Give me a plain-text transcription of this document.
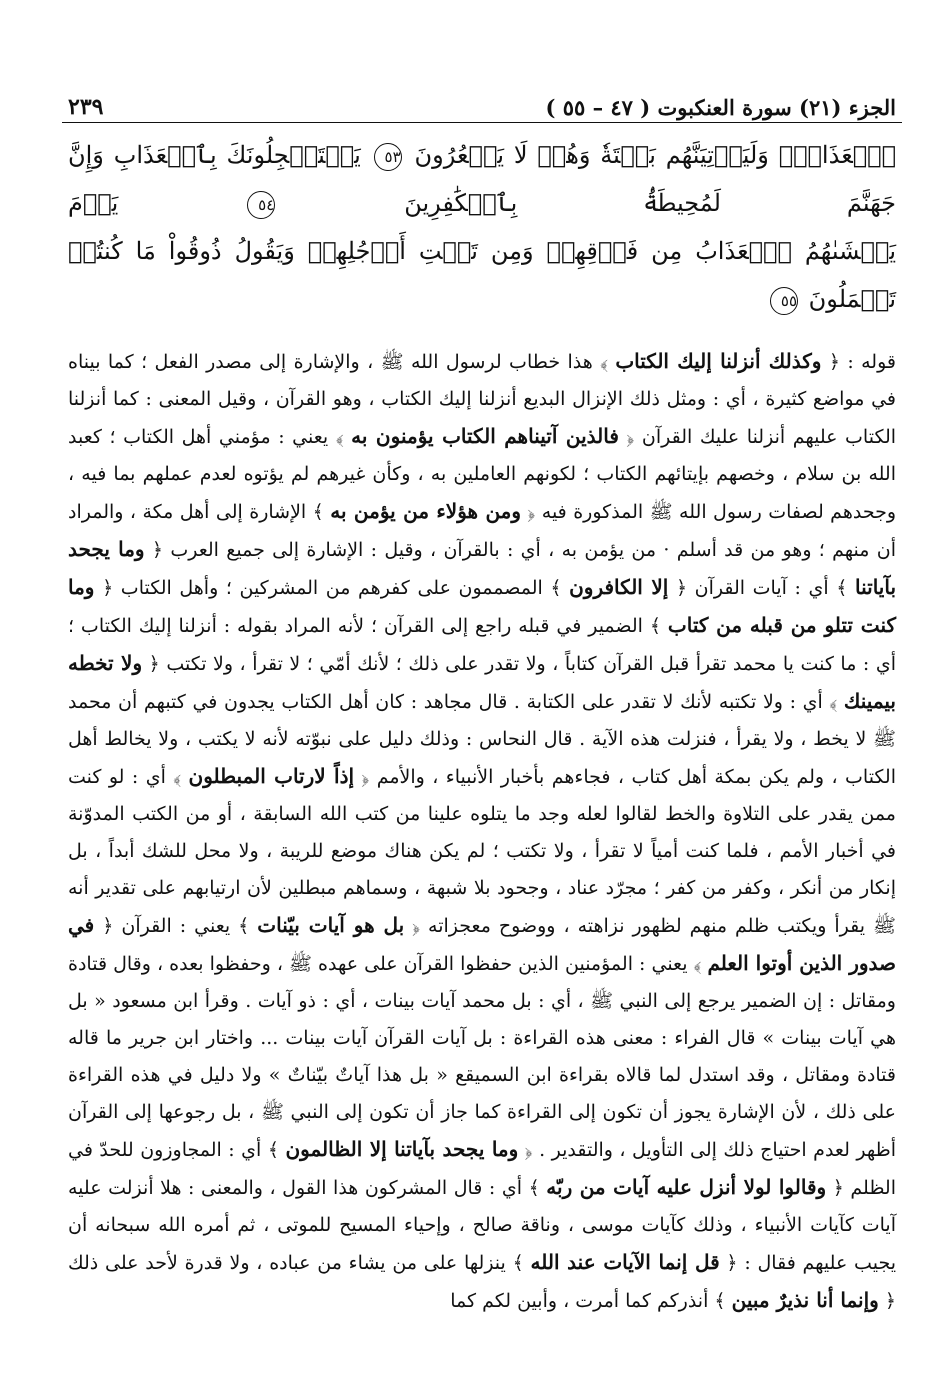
الجزء (٢١) سورة العنكبوت ( ٤٧ – ٥٥ )
٢٣٩

ٱلۡعَذَابُۚ وَلَيَأۡتِيَنَّهُم بَغۡتَةٗ وَهُمۡ لَا يَشۡعُرُونَ ٥٣ يَسۡتَعۡجِلُونَكَ بِٱلۡعَذَابِ وَإِنَّ جَهَنَّمَ لَمُحِيطَةُۢ بِٱلۡكَٰفِرِينَ ٥٤ يَوۡمَ

يَغۡشَىٰهُمُ ٱلۡعَذَابُ مِن فَوۡقِهِمۡ وَمِن تَحۡتِ أَرۡجُلِهِمۡ وَيَقُولُ ذُوقُواْ مَا كُنتُمۡ تَعۡمَلُونَ ٥٥

قوله : ﴿ وكذلك أنزلنا إليك الكتاب ﴾ هذا خطاب لرسول الله ﷺ ، والإشارة إلى مصدر الفعل ؛ كما بيناه في مواضع كثيرة ، أي : ومثل ذلك الإنزال البديع أنزلنا إليك الكتاب ، وهو القرآن ، وقيل المعنى : كما أنزلنا الكتاب عليهم أنزلنا عليك القرآن ﴿ فالذين آتيناهم الكتاب يؤمنون به ﴾ يعني : مؤمني أهل الكتاب ؛ كعبد الله بن سلام ، وخصهم بإيتائهم الكتاب ؛ لكونهم العاملين به ، وكأن غيرهم لم يؤتوه لعدم عملهم بما فيه ، وجحدهم لصفات رسول الله ﷺ المذكورة فيه ﴿ ومن هؤلاء من يؤمن به ﴾ الإشارة إلى أهل مكة ، والمراد أن منهم ؛ وهو من قد أسلم · من يؤمن به ، أي : بالقرآن ، وقيل : الإشارة إلى جميع العرب ﴿ وما يجحد بآياتنا ﴾ أي : آيات القرآن ﴿ إلا الكافرون ﴾ المصممون على كفرهم من المشركين ؛ وأهل الكتاب ﴿ وما كنت تتلو من قبله من كتاب ﴾ الضمير في قبله راجع إلى القرآن ؛ لأنه المراد بقوله : أنزلنا إليك الكتاب ؛ أي : ما كنت يا محمد تقرأ قبل القرآن كتاباً ، ولا تقدر على ذلك ؛ لأنك أمّي ؛ لا تقرأ ، ولا تكتب ﴿ ولا تخطه بيمينك ﴾ أي : ولا تكتبه لأنك لا تقدر على الكتابة . قال مجاهد : كان أهل الكتاب يجدون في كتبهم أن محمد ﷺ لا يخط ، ولا يقرأ ، فنزلت هذه الآية . قال النحاس : وذلك دليل على نبوّته لأنه لا يكتب ، ولا يخالط أهل الكتاب ، ولم يكن بمكة أهل كتاب ، فجاءهم بأخبار الأنبياء ، والأمم ﴿ إذاً لارتاب المبطلون ﴾ أي : لو كنت ممن يقدر على التلاوة والخط لقالوا لعله وجد ما يتلوه علينا من كتب الله السابقة ، أو من الكتب المدوّنة في أخبار الأمم ، فلما كنت أمياً لا تقرأ ، ولا تكتب ؛ لم يكن هناك موضع للريبة ، ولا محل للشك أبداً ، بل إنكار من أنكر ، وكفر من كفر ؛ مجرّد عناد ، وجحود بلا شبهة ، وسماهم مبطلين لأن ارتيابهم على تقدير أنه ﷺ يقرأ ويكتب ظلم منهم لظهور نزاهته ، ووضوح معجزاته ﴿ بل هو آيات بيّنات ﴾ يعني : القرآن ﴿ في صدور الذين أوتوا العلم ﴾ يعني : المؤمنين الذين حفظوا القرآن على عهده ﷺ ، وحفظوا بعده ، وقال قتادة ومقاتل : إن الضمير يرجع إلى النبي ﷺ ، أي : بل محمد آيات بينات ، أي : ذو آيات . وقرأ ابن مسعود « بل هي آيات بينات » قال الفراء : معنى هذه القراءة : بل آيات القرآن آيات بينات ... واختار ابن جرير ما قاله قتادة ومقاتل ، وقد استدل لما قالاه بقراءة ابن السميقع « بل هذا آياتٌ بيّناتٌ » ولا دليل في هذه القراءة على ذلك ، لأن الإشارة يجوز أن تكون إلى القراءة كما جاز أن تكون إلى النبي ﷺ ، بل رجوعها إلى القرآن أظهر لعدم احتياج ذلك إلى التأويل ، والتقدير . ﴿ وما يجحد بآياتنا إلا الظالمون ﴾ أي : المجاوزون للحدّ في الظلم ﴿ وقالوا لولا أنزل عليه آيات من ربّه ﴾ أي : قال المشركون هذا القول ، والمعنى : هلا أنزلت عليه آيات كآيات الأنبياء ، وذلك كآيات موسى ، وناقة صالح ، وإحياء المسيح للموتى ، ثم أمره الله سبحانه أن يجيب عليهم فقال : ﴿ قل إنما الآيات عند الله ﴾ ينزلها على من يشاء من عباده ، ولا قدرة لأحد على ذلك ﴿ وإنما أنا نذيرٌ مبين ﴾ أنذركم كما أمرت ، وأبين لكم كما
